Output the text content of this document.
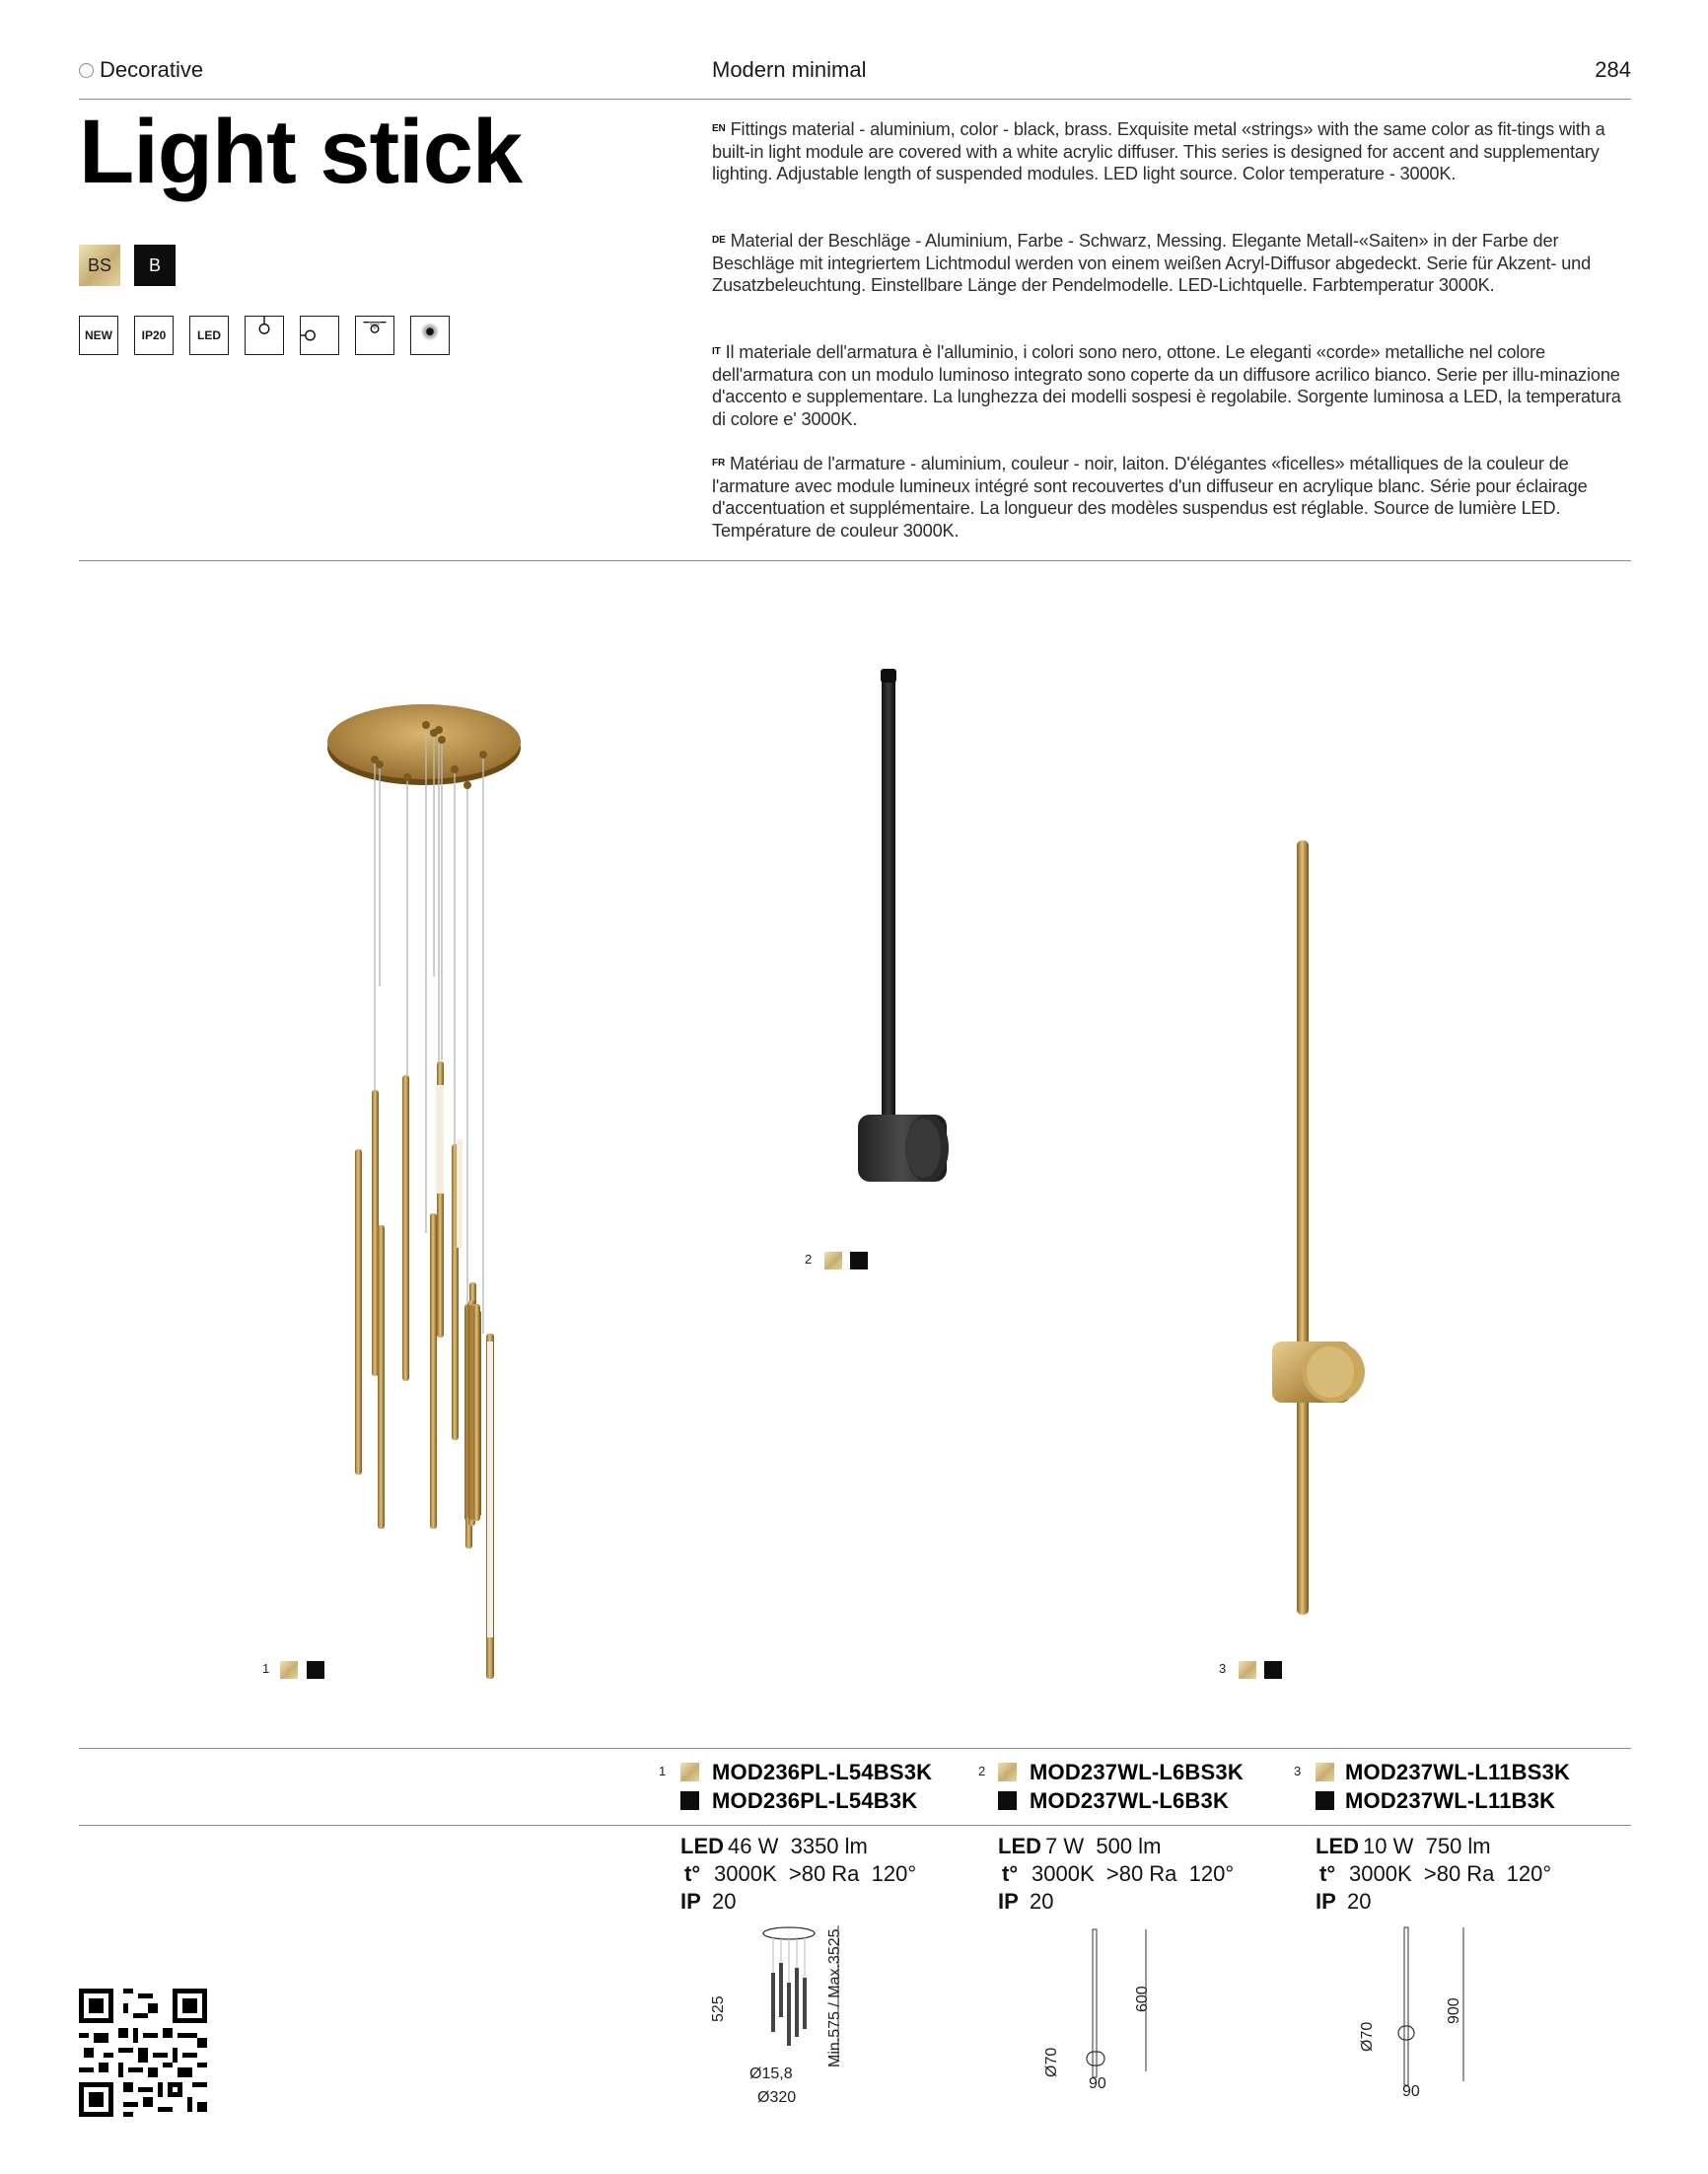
Decorative	Modern minimal	284
Light stick
BS	B
NEW	IP20	LED
$^{EN}$ Fittings material - aluminium, color - black, brass. Exquisite metal «strings» with the same color as fit-tings with a built-in light module are covered with a white acrylic diffuser. This series is designed for accent and supplementary lighting. Adjustable length of suspended modules. LED light source. Color temperature - 3000K.
$^{DE}$ Material der Beschläge - Aluminium, Farbe - Schwarz, Messing. Elegante Metall-«Saiten» in der Farbe der Beschläge mit integriertem Lichtmodul werden von einem weißen Acryl-Diffusor abgedeckt. Serie für Akzent- und Zusatzbeleuchtung. Einstellbare Länge der Pendelmodelle. LED-Lichtquelle. Farbtemperatur 3000K.
$^{IT}$ Il materiale dell'armatura è l'alluminio, i colori sono nero, ottone. Le eleganti «corde» metalliche nel colore dell'armatura con un modulo luminoso integrato sono coperte da un diffusore acrilico bianco. Serie per illu-minazione d'accento e supplementare. La lunghezza dei modelli sospesi è regolabile. Sorgente luminosa a LED, la temperatura di colore e' 3000K.
$^{FR}$ Matériau de l'armature - aluminium, couleur - noir, laiton. D'élégantes «ficelles» métalliques de la couleur de l'armature avec module lumineux intégré sont recouvertes d'un diffuseur en acrylique blanc. Série pour éclairage d'accentuation et supplémentaire. La longueur des modèles suspendus est réglable. Source de lumière LED. Température de couleur 3000K.
1
2
3
1 MOD236PL-L54BS3K
MOD236PL-L54B3K
LED 46 W 3350 lm
t° 3000K >80 Ra 120°
IP 20
525	Min.575 / Max.3525
Ø15,8
Ø320
2 MOD237WL-L6BS3K
MOD237WL-L6B3K
LED 7 W 500 lm
t° 3000K >80 Ra 120°
IP 20
600
Ø70
90
3 MOD237WL-L11BS3K
MOD237WL-L11B3K
LED 10 W 750 lm
t° 3000K >80 Ra 120°
IP 20
900
Ø70
90
